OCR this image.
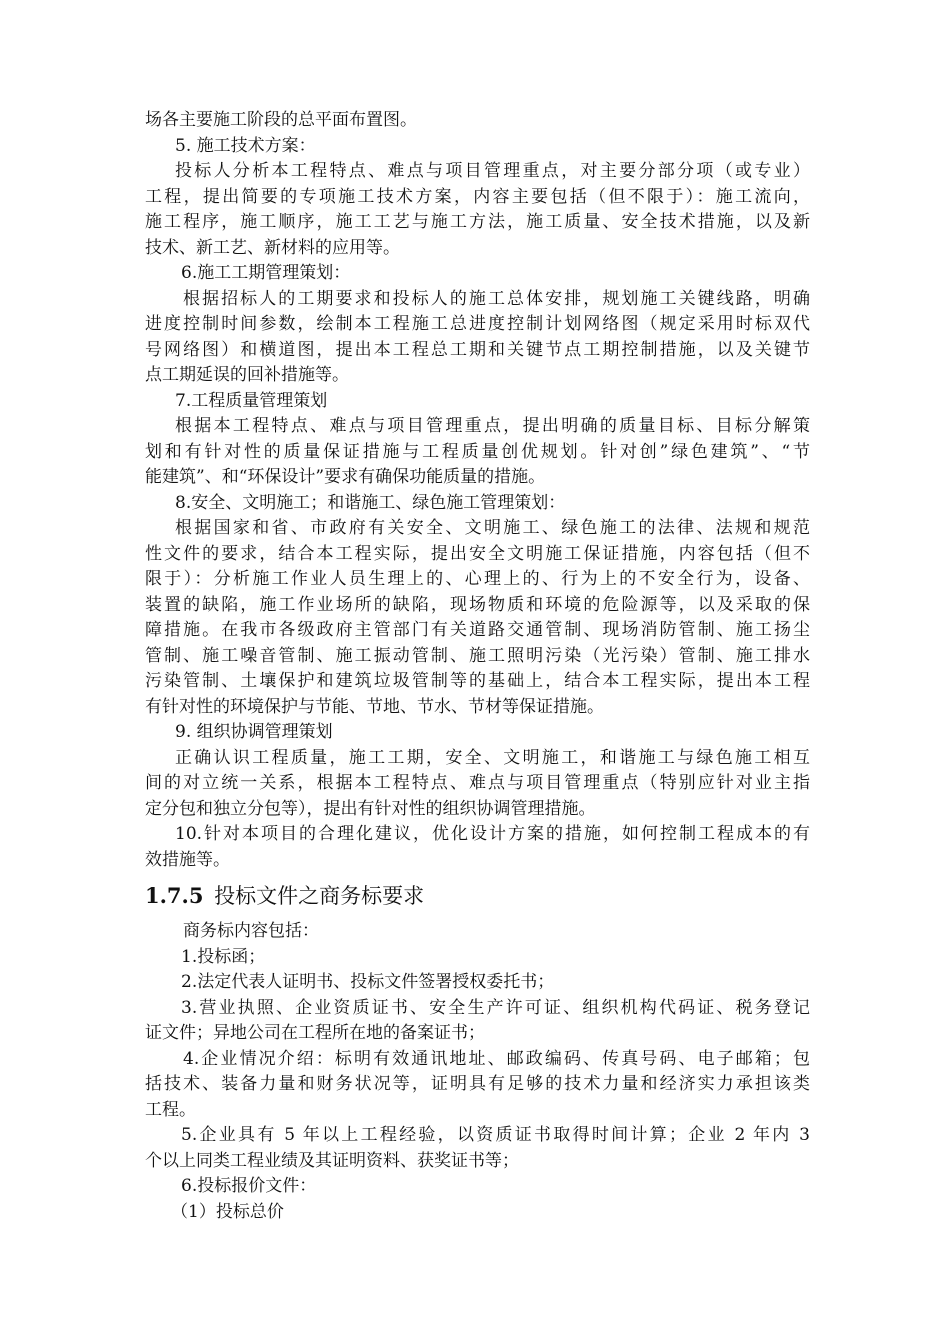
场各主要施工阶段的总平面布置图。
5. 施工技术方案：
投标人分析本工程特点、难点与项目管理重点，对主要分部分项（或专业）
工程，提出简要的专项施工技术方案，内容主要包括（但不限于）：施工流向，
施工程序，施工顺序，施工工艺与施工方法，施工质量、安全技术措施，以及新
技术、新工艺、新材料的应用等。
6.施工工期管理策划：
根据招标人的工期要求和投标人的施工总体安排，规划施工关键线路，明确
进度控制时间参数，绘制本工程施工总进度控制计划网络图（规定采用时标双代
号网络图）和横道图，提出本工程总工期和关键节点工期控制措施，以及关键节
点工期延误的回补措施等。
7.工程质量管理策划
根据本工程特点、难点与项目管理重点，提出明确的质量目标、目标分解策
划和有针对性的质量保证措施与工程质量创优规划。针对创”绿色建筑”、“节
能建筑”、和“环保设计”要求有确保功能质量的措施。
8.安全、文明施工；和谐施工、绿色施工管理策划：
根据国家和省、市政府有关安全、文明施工、绿色施工的法律、法规和规范
性文件的要求，结合本工程实际，提出安全文明施工保证措施，内容包括（但不
限于）：分析施工作业人员生理上的、心理上的、行为上的不安全行为，设备、
装置的缺陷，施工作业场所的缺陷，现场物质和环境的危险源等，以及采取的保
障措施。在我市各级政府主管部门有关道路交通管制、现场消防管制、施工扬尘
管制、施工噪音管制、施工振动管制、施工照明污染（光污染）管制、施工排水
污染管制、土壤保护和建筑垃圾管制等的基础上，结合本工程实际，提出本工程
有针对性的环境保护与节能、节地、节水、节材等保证措施。
9. 组织协调管理策划
正确认识工程质量，施工工期，安全、文明施工，和谐施工与绿色施工相互
间的对立统一关系，根据本工程特点、难点与项目管理重点（特别应针对业主指
定分包和独立分包等），提出有针对性的组织协调管理措施。
10.针对本项目的合理化建议，优化设计方案的措施，如何控制工程成本的有
效措施等。
1.7.5 投标文件之商务标要求
商务标内容包括：
1.投标函；
2.法定代表人证明书、投标文件签署授权委托书；
3.营业执照、企业资质证书、安全生产许可证、组织机构代码证、税务登记
证文件；异地公司在工程所在地的备案证书；
4.企业情况介绍：标明有效通讯地址、邮政编码、传真号码、电子邮箱；包
括技术、装备力量和财务状况等，证明具有足够的技术力量和经济实力承担该类
工程。
5.企业具有 5 年以上工程经验，以资质证书取得时间计算；企业 2 年内 3
个以上同类工程业绩及其证明资料、获奖证书等；
6.投标报价文件：
（1）投标总价
